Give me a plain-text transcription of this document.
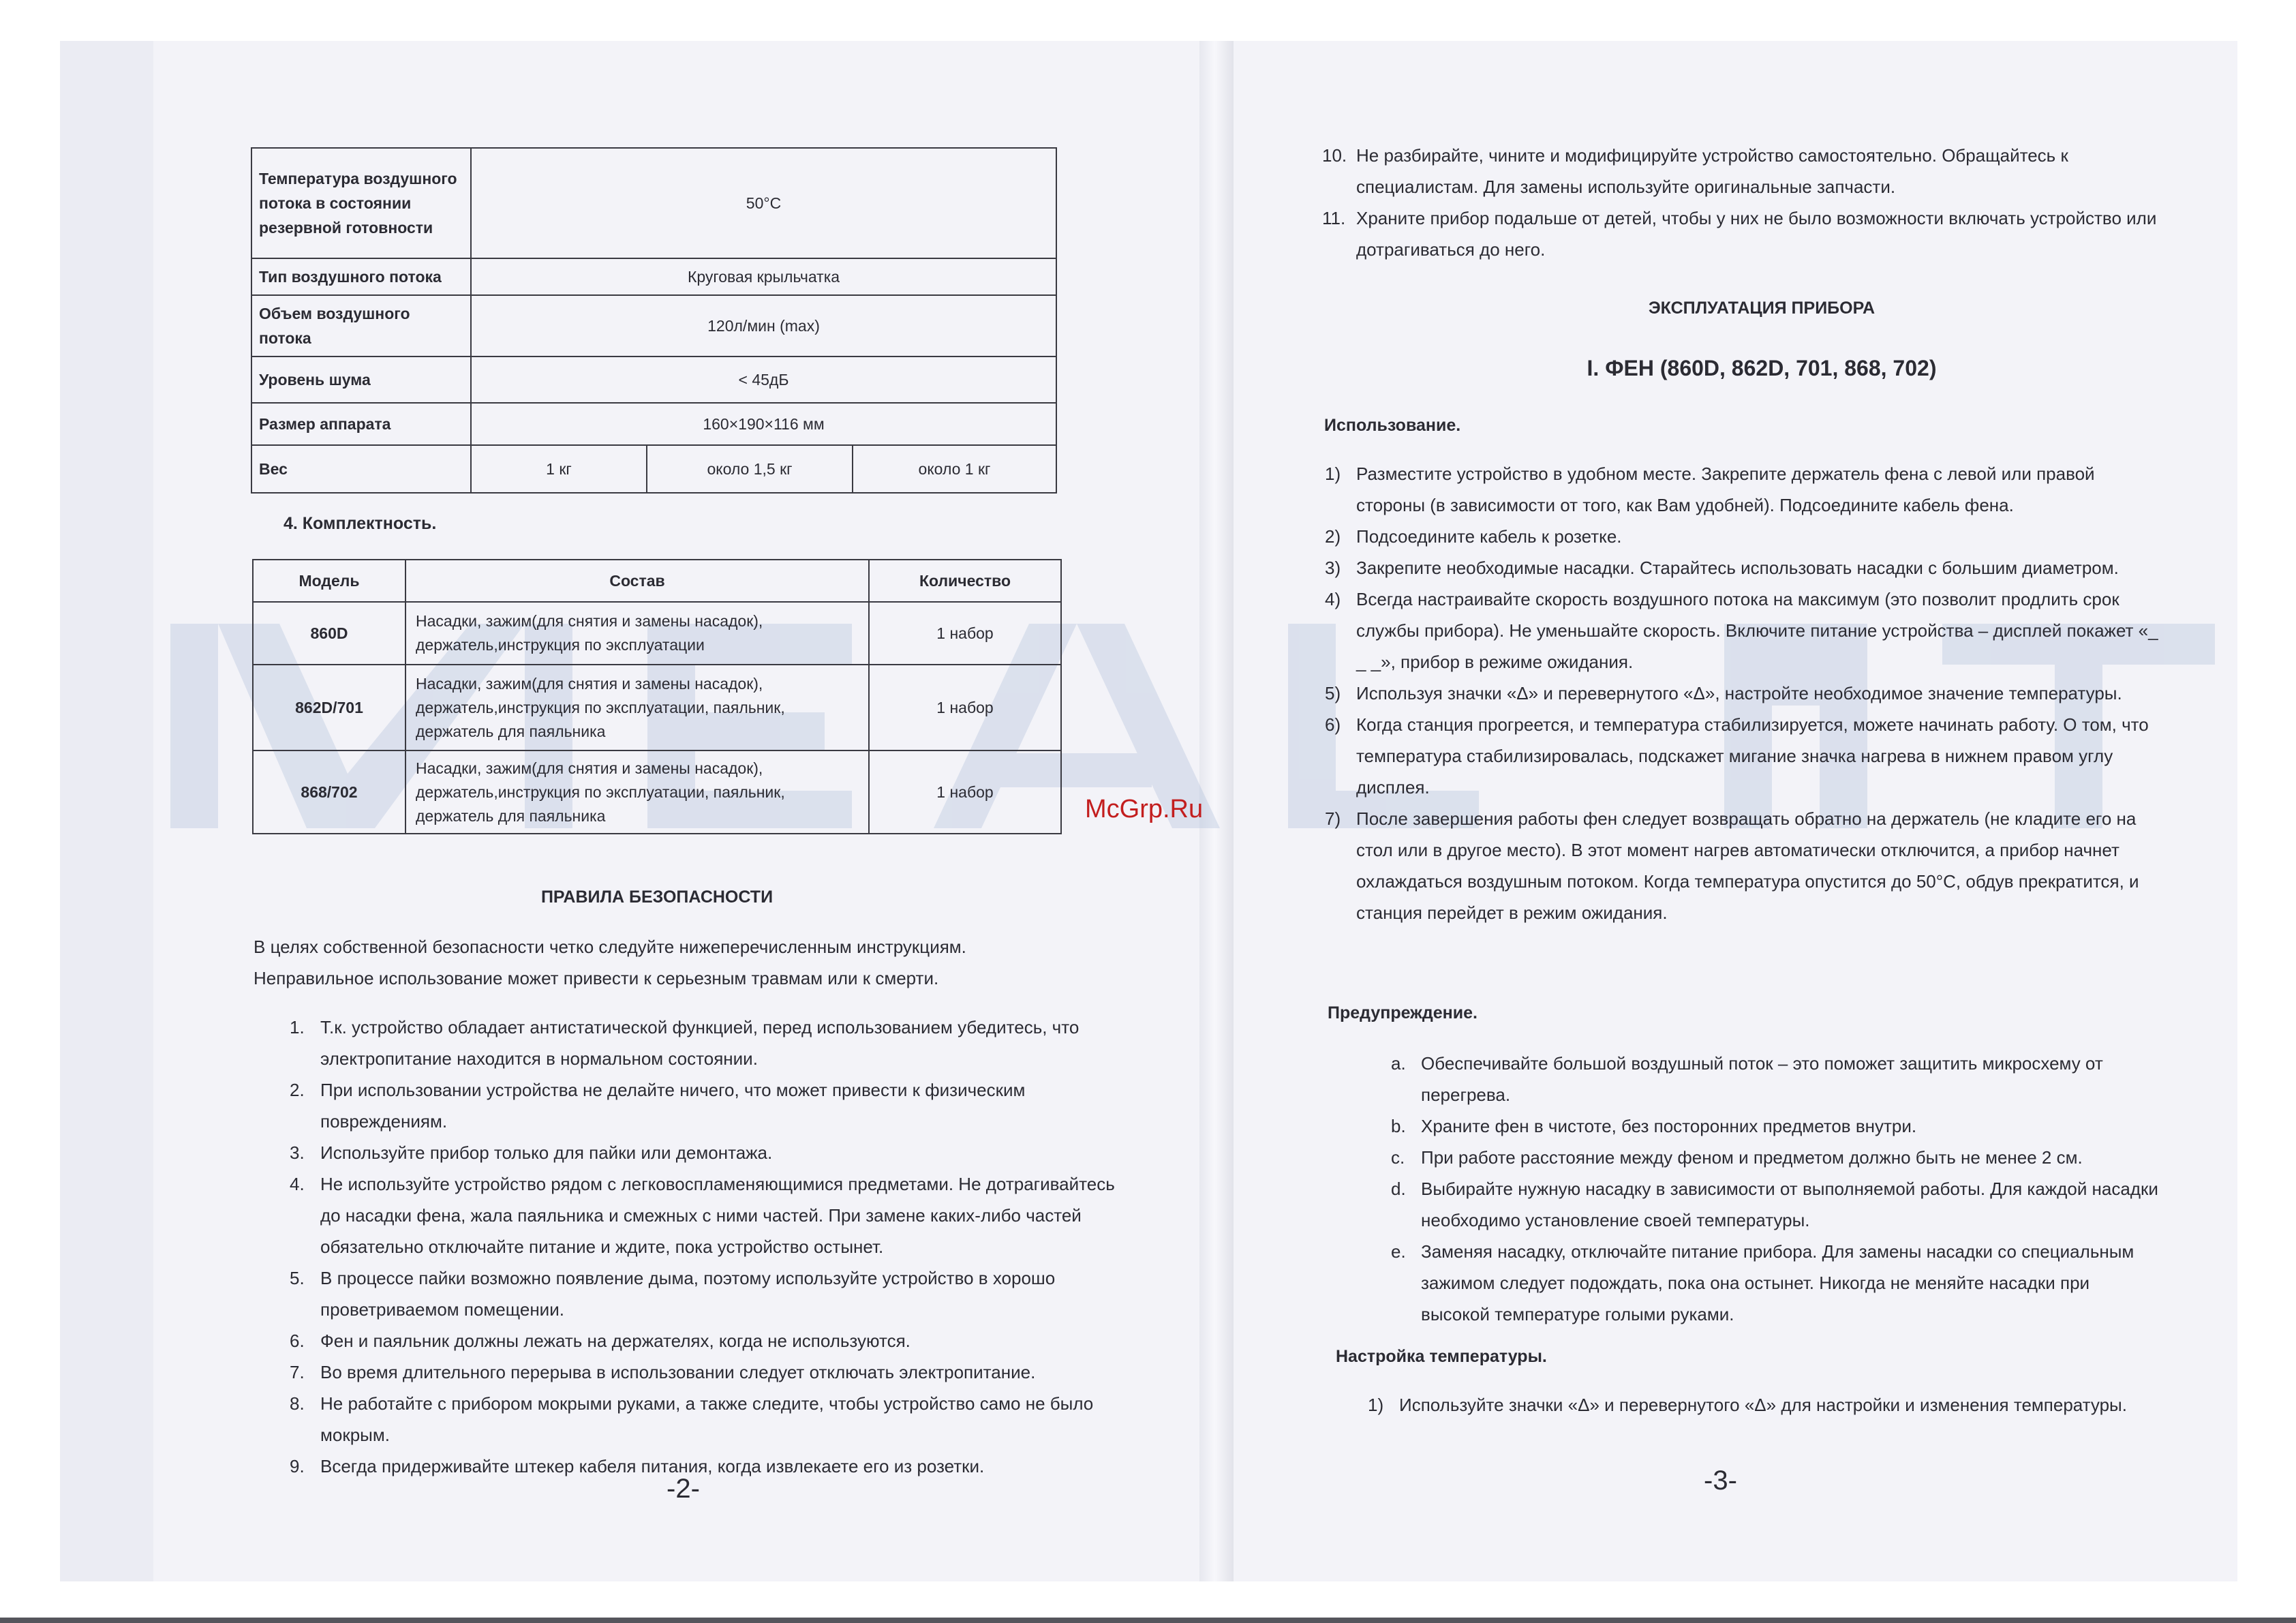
Температура воздушного потока в состоянии резервной готовности	50°C		
Тип воздушного потока	Круговая крыльчатка		
Объем воздушного потока	120л/мин (max)		
Уровень шума	< 45дБ		
Размер аппарата	160×190×116 мм		
Вес	1 кг	около 1,5 кг	около 1 кг
4. Комплектность.
Модель	Состав	Количество
860D	Насадки, зажим(для снятия и замены насадок), держатель,инструкция по эксплуатации	1 набор
862D/701	Насадки, зажим(для снятия и замены насадок), держатель,инструкция по эксплуатации, паяльник, держатель для паяльника	1 набор
868/702	Насадки, зажим(для снятия и замены насадок), держатель,инструкция по эксплуатации, паяльник, держатель для паяльника	1 набор
ПРАВИЛА БЕЗОПАСНОСТИ
В целях собственной безопасности четко следуйте нижеперечисленным инструкциям. Неправильное использование может привести к серьезным травмам или к смерти.
1. Т.к. устройство обладает антистатической функцией, перед использованием убедитесь, что электропитание находится в нормальном состоянии.
2. При использовании устройства не делайте ничего, что может привести к физическим повреждениям.
3. Используйте прибор только для пайки или демонтажа.
4. Не используйте устройство рядом с легковоспламеняющимися предметами. Не дотрагивайтесь до насадки фена, жала паяльника и смежных с ними частей. При замене каких-либо частей обязательно отключайте питание и ждите, пока устройство остынет.
5. В процессе пайки возможно появление дыма, поэтому используйте устройство в хорошо проветриваемом помещении.
6. Фен и паяльник должны лежать на держателях, когда не используются.
7. Во время длительного перерыва в использовании следует отключать электропитание.
8. Не работайте с прибором мокрыми руками, а также следите, чтобы устройство само не было мокрым.
9. Всегда придерживайте штекер кабеля питания, когда извлекаете его из розетки.
-2-
McGrp.Ru
10. Не разбирайте, чините и модифицируйте устройство самостоятельно. Обращайтесь к специалистам. Для замены используйте оригинальные запчасти.
11. Храните прибор подальше от детей, чтобы у них не было возможности включать устройство или дотрагиваться до него.
ЭКСПЛУАТАЦИЯ ПРИБОРА
I. ФЕН (860D, 862D, 701, 868, 702)
Использование.
1) Разместите устройство в удобном месте. Закрепите держатель фена с левой или правой стороны (в зависимости от того, как Вам удобней). Подсоедините кабель фена.
2) Подсоедините кабель к розетке.
3) Закрепите необходимые насадки. Старайтесь использовать насадки с большим диаметром.
4) Всегда настраивайте скорость воздушного потока на максимум (это позволит продлить срок службы прибора). Не уменьшайте скорость. Включите питание устройства – дисплей покажет «_ _ _», прибор в режиме ожидания.
5) Используя значки «Δ» и перевернутого «Δ», настройте необходимое значение температуры.
6) Когда станция прогреется, и температура стабилизируется, можете начинать работу. О том, что температура стабилизировалась, подскажет мигание значка нагрева в нижнем правом углу дисплея.
7) После завершения работы фен следует возвращать обратно на держатель (не кладите его на стол или в другое место). В этот момент нагрев автоматически отключится, а прибор начнет охлаждаться воздушным потоком. Когда температура опустится до 50°C, обдув прекратится, и станция перейдет в режим ожидания.
Предупреждение.
a. Обеспечивайте большой воздушный поток – это поможет защитить микросхему от перегрева.
b. Храните фен в чистоте, без посторонних предметов внутри.
c. При работе расстояние между феном и предметом должно быть не менее 2 см.
d. Выбирайте нужную насадку в зависимости от выполняемой работы. Для каждой насадки необходимо установление своей температуры.
e. Заменяя насадку, отключайте питание прибора. Для замены насадки со специальным зажимом следует подождать, пока она остынет. Никогда не меняйте насадки при высокой температуре голыми руками.
Настройка температуры.
1) Используйте значки «Δ» и перевернутого «Δ» для настройки и изменения температуры.
-3-
